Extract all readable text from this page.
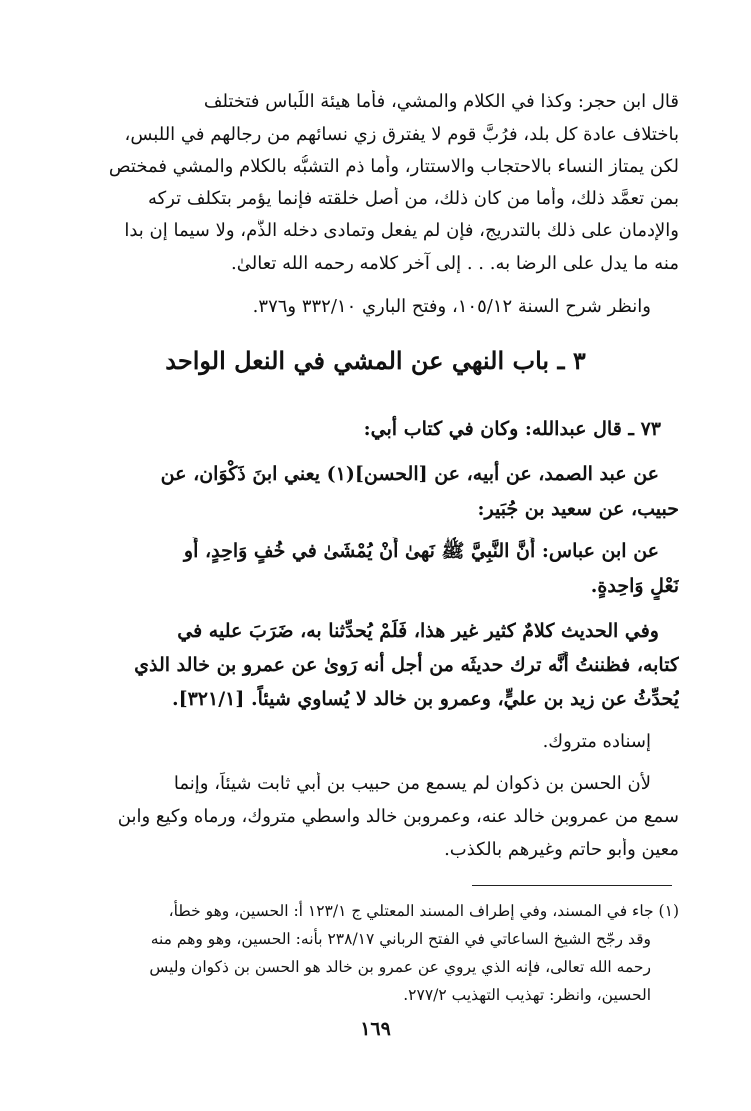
قال ابن حجر: وكذا في الكلام والمشي، فأما هيئة اللِّباس فتختلف
باختلاف عادة كل بلد، فرُبَّ قوم لا يفترق زي نسائهم من رجالهم في اللبس،
لكن يمتاز النساء بالاحتجاب والاستتار، وأما ذم التشبُّه بالكلام والمشي فمختص
بمن تعمَّد ذلك، وأما من كان ذلك، من أصل خلقته فإنما يؤمر بتكلف تركه
والإدمان على ذلك بالتدريج، فإن لم يفعل وتمادى دخله الذَّم، ولا سيما إن بدا
منه ما يدل على الرضا به. . . إلى آخر كلامه رحمه الله تعالىٰ.
وانظر شرح السنة ١٠٥/١٢، وفتح الباري ٣٣٢/١٠ و٣٧٦.
٣ ـ باب النهي عن المشي في النعل الواحد
٧٣ ـ قال عبدالله: وكان في كتاب أبي:
عن عبد الصمد، عن أبيه، عن [الحسن](١) يعني ابنَ ذَكْوَان، عن
حبيب، عن سعيد بن جُبَير:
عن ابن عباس: أَنَّ النَّبِيَّ ﷺ نَهىٰ أَنْ يُمْشَىٰ في خُفٍ وَاحِدٍ، أَو
نَعْلٍ وَاحِدةٍ.
وفي الحديث كلامٌ كثير غير هذا، فَلَمْ يُحدِّثنا به، ضَرَبَ عليه في
كتابه، فظننتُ أَنَّه ترك حديثَه من أجل أنه رَوىٰ عن عمرو بن خالد الذي
يُحدِّثُ عن زيد بن عليٍّ، وعمرو بن خالد لا يُساوي شيئاً. [٣٢١/١].
إسناده متروك.
لأن الحسن بن ذكوان لم يسمع من حبيب بن أبي ثابت شيئاً، وإنما
سمع من عمروبن خالد عنه، وعمروبن خالد واسطي متروك، ورماه وكيع وابن
معين وأبو حاتم وغيرهم بالكذب.
(١) جاء في المسند، وفي إطراف المسند المعتلي ج ١٢٣/١ أ: الحسين، وهو خطأ،
وقد رجّح الشيخ الساعاتي في الفتح الرباني ٢٣٨/١٧ بأنه: الحسين، وهو وهم منه
رحمه الله تعالى، فإنه الذي يروي عن عمرو بن خالد هو الحسن بن ذكوان وليس
الحسين، وانظر: تهذيب التهذيب ٢٧٧/٢.
١٦٩
